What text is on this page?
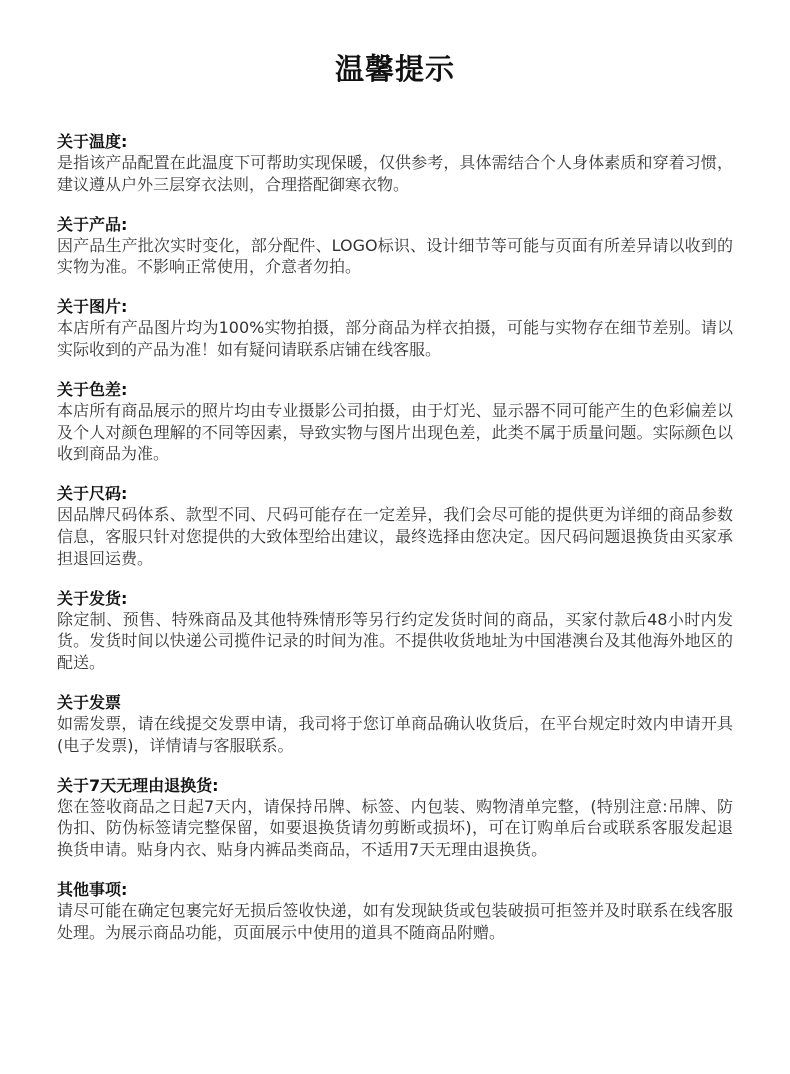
温馨提示

关于温度:

是指该产品配置在此温度下可帮助实现保暖，仅供参考，具体需结合个人身体素质和穿着习惯，建议遵从户外三层穿衣法则，合理搭配御寒衣物。

关于产品:

因产品生产批次实时变化，部分配件、LOGO标识、设计细节等可能与页面有所差异请以收到的实物为准。不影响正常使用，介意者勿拍。

关于图片:

本店所有产品图片均为100%实物拍摄，部分商品为样衣拍摄，可能与实物存在细节差别。请以实际收到的产品为准！如有疑问请联系店铺在线客服。

关于色差:

本店所有商品展示的照片均由专业摄影公司拍摄，由于灯光、显示器不同可能产生的色彩偏差以及个人对颜色理解的不同等因素，导致实物与图片出现色差，此类不属于质量问题。实际颜色以收到商品为准。

关于尺码:

因品牌尺码体系、款型不同、尺码可能存在一定差异，我们会尽可能的提供更为详细的商品参数信息，客服只针对您提供的大致体型给出建议，最终选择由您决定。因尺码问题退换货由买家承担退回运费。

关于发货:

除定制、预售、特殊商品及其他特殊情形等另行约定发货时间的商品，买家付款后48小时内发货。发货时间以快递公司揽件记录的时间为准。不提供收货地址为中国港澳台及其他海外地区的配送。

关于发票

如需发票，请在线提交发票申请，我司将于您订单商品确认收货后，在平台规定时效内申请开具(电子发票)，详情请与客服联系。

关于7天无理由退换货:

您在签收商品之日起7天内，请保持吊牌、标签、内包装、购物清单完整，(特别注意:吊牌、防伪扣、防伪标签请完整保留，如要退换货请勿剪断或损坏)，可在订购单后台或联系客服发起退换货申请。贴身内衣、贴身内裤品类商品，不适用7天无理由退换货。

其他事项:

请尽可能在确定包裹完好无损后签收快递，如有发现缺货或包装破损可拒签并及时联系在线客服处理。为展示商品功能，页面展示中使用的道具不随商品附赠。
